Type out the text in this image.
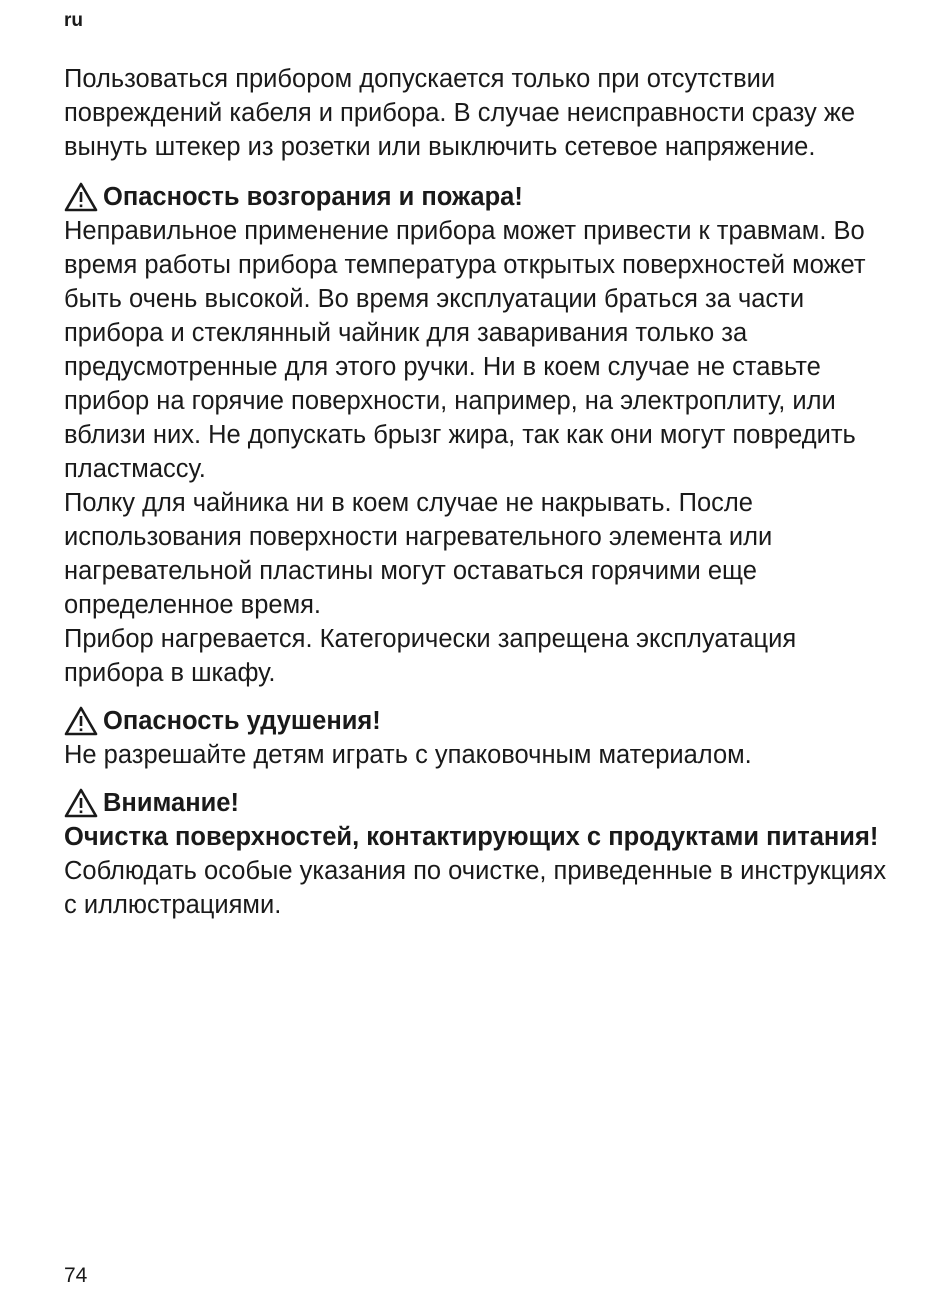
ru

Пользоваться прибором допускается только при отсутствии повреждений кабеля и прибора. В случае неисправности сразу же вынуть штекер из розетки или выключить сетевое напряжение.

Опасность возгорания и пожара!

Неправильное применение прибора может привести к травмам. Во время работы прибора температура открытых поверхностей может быть очень высокой. Во время эксплуатации браться за части прибора и стеклянный чайник для заваривания только за предусмотренные для этого ручки. Ни в коем случае не ставьте прибор на горячие поверхности, например, на электроплиту, или вблизи них. Не допускать брызг жира, так как они могут повредить пластмассу.

Полку для чайника ни в коем случае не накрывать. После использования поверхности нагревательного элемента или нагревательной пластины могут оставаться горячими еще определенное время.

Прибор нагревается. Категорически запрещена эксплуатация прибора в шкафу.

Опасность удушения!

Не разрешайте детям играть с упаковочным материалом.

Внимание!

Очистка поверхностей, контактирующих с продуктами питания! Соблюдать особые указания по очистке, приведенные в инструкциях с иллюстрациями.

74
